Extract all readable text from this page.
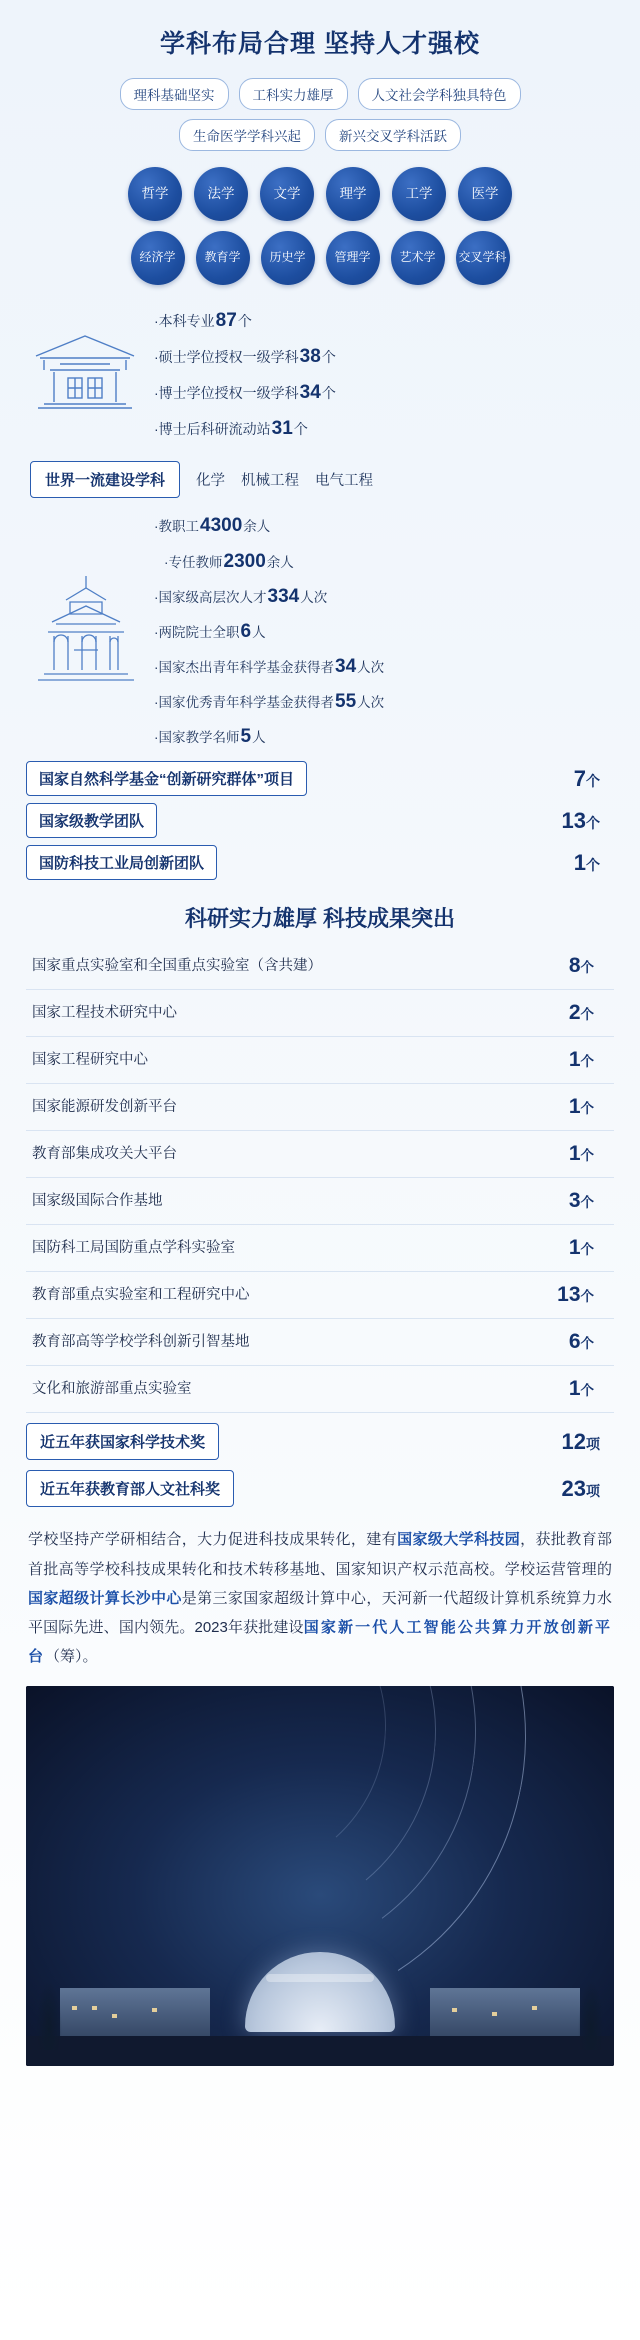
学科布局合理 坚持人才强校
理科基础坚实	工科实力雄厚	人文社会学科独具特色
生命医学学科兴起	新兴交叉学科活跃
哲学	法学	文学	理学	工学	医学
经济学	教育学	历史学	管理学	艺术学	交叉学科
·本科专业87个
·硕士学位授权一级学科38个
·博士学位授权一级学科34个
·博士后科研流动站31个
世界一流建设学科	化学 机械工程 电气工程
·教职工4300余人
·专任教师2300余人
·国家级高层次人才334人次
·两院院士全职6人
·国家杰出青年科学基金获得者34人次
·国家优秀青年科学基金获得者55人次
·国家教学名师5人
国家自然科学基金“创新研究群体”项目	7个
国家级教学团队	13个
国防科技工业局创新团队	1个
科研实力雄厚 科技成果突出
国家重点实验室和全国重点实验室（含共建）	8个
国家工程技术研究中心	2个
国家工程研究中心	1个
国家能源研发创新平台	1个
教育部集成攻关大平台	1个
国家级国际合作基地	3个
国防科工局国防重点学科实验室	1个
教育部重点实验室和工程研究中心	13个
教育部高等学校学科创新引智基地	6个
文化和旅游部重点实验室	1个
近五年获国家科学技术奖	12项
近五年获教育部人文社科奖	23项
学校坚持产学研相结合，大力促进科技成果转化，建有国家级大学科技园，获批教育部首批高等学校科技成果转化和技术转移基地、国家知识产权示范高校。学校运营管理的国家超级计算长沙中心是第三家国家超级计算中心，天河新一代超级计算机系统算力水平国际先进、国内领先。2023年获批建设国家新一代人工智能公共算力开放创新平台（筹）。
